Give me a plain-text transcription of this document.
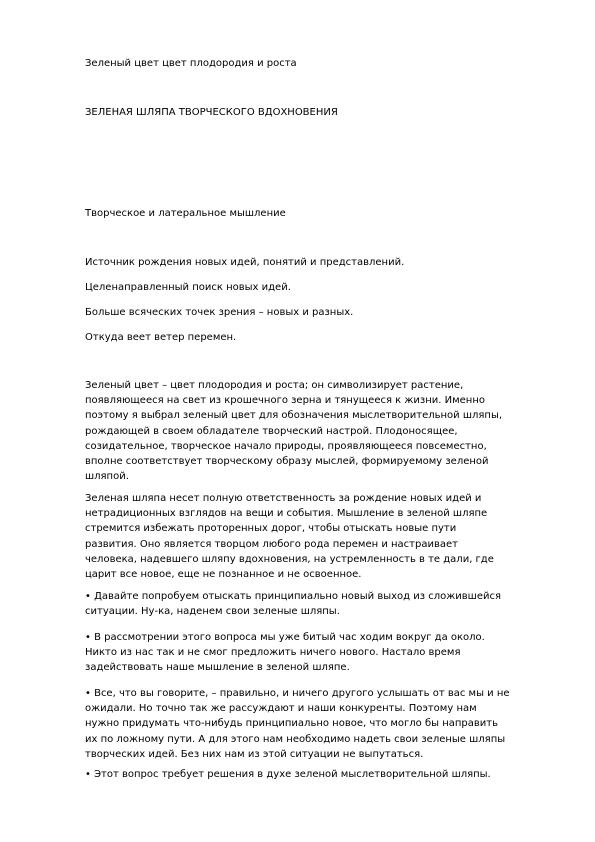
Зеленый цвет цвет плодородия и роста
ЗЕЛЕНАЯ ШЛЯПА ТВОРЧЕСКОГО ВДОХНОВЕНИЯ
Творческое и латеральное мышление
Источник рождения новых идей, понятий и представлений.
Целенаправленный поиск новых идей.
Больше всяческих точек зрения – новых и разных.
Откуда веет ветер перемен.

Зеленый цвет – цвет плодородия и роста; он символизирует растение,

появляющееся на свет из крошечного зерна и тянущееся к жизни. Именно

поэтому я выбрал зеленый цвет для обозначения мыслетворительной шляпы,

рождающей в своем обладателе творческий настрой. Плодоносящее,

созидательное, творческое начало природы, проявляющееся повсеместно,

вполне соответствует творческому образу мыслей, формируемому зеленой

шляпой.

Зеленая шляпа несет полную ответственность за рождение новых идей и

нетрадиционных взглядов на вещи и события. Мышление в зеленой шляпе

стремится избежать проторенных дорог, чтобы отыскать новые пути

развития. Оно является творцом любого рода перемен и настраивает

человека, надевшего шляпу вдохновения, на устремленность в те дали, где

царит все новое, еще не познанное и не освоенное.

• Давайте попробуем отыскать принципиально новый выход из сложившейся

ситуации. Ну-ка, наденем свои зеленые шляпы.

• В рассмотрении этого вопроса мы уже битый час ходим вокруг да около.

Никто из нас так и не смог предложить ничего нового. Настало время

задействовать наше мышление в зеленой шляпе.

• Все, что вы говорите, – правильно, и ничего другого услышать от вас мы и не

ожидали. Но точно так же рассуждают и наши конкуренты. Поэтому нам

нужно придумать что-нибудь принципиально новое, что могло бы направить

их по ложному пути. А для этого нам необходимо надеть свои зеленые шляпы

творческих идей. Без них нам из этой ситуации не выпутаться.

• Этот вопрос требует решения в духе зеленой мыслетворительной шляпы.
